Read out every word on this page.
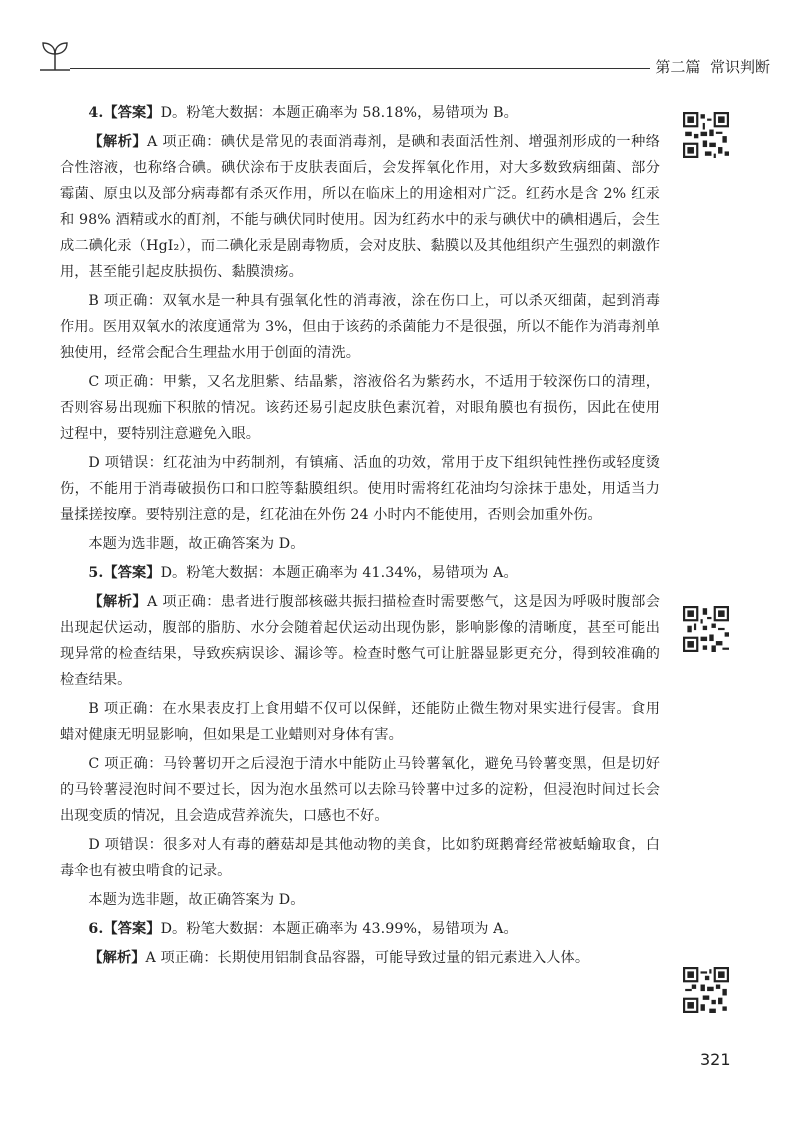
第二篇 常识判断

4.【答案】D。粉笔大数据：本题正确率为 58.18%，易错项为 B。

【解析】A 项正确：碘伏是常见的表面消毒剂，是碘和表面活性剂、增强剂形成的一种络合性溶液，也称络合碘。碘伏涂布于皮肤表面后，会发挥氧化作用，对大多数致病细菌、部分霉菌、原虫以及部分病毒都有杀灭作用，所以在临床上的用途相对广泛。红药水是含 2% 红汞和 98% 酒精或水的酊剂，不能与碘伏同时使用。因为红药水中的汞与碘伏中的碘相遇后，会生成二碘化汞（HgI₂），而二碘化汞是剧毒物质，会对皮肤、黏膜以及其他组织产生强烈的刺激作用，甚至能引起皮肤损伤、黏膜溃疡。

B 项正确：双氧水是一种具有强氧化性的消毒液，涂在伤口上，可以杀灭细菌，起到消毒作用。医用双氧水的浓度通常为 3%，但由于该药的杀菌能力不是很强，所以不能作为消毒剂单独使用，经常会配合生理盐水用于创面的清洗。

C 项正确：甲紫，又名龙胆紫、结晶紫，溶液俗名为紫药水，不适用于较深伤口的清理，否则容易出现痂下积脓的情况。该药还易引起皮肤色素沉着，对眼角膜也有损伤，因此在使用过程中，要特别注意避免入眼。

D 项错误：红花油为中药制剂，有镇痛、活血的功效，常用于皮下组织钝性挫伤或轻度烫伤，不能用于消毒破损伤口和口腔等黏膜组织。使用时需将红花油均匀涂抹于患处，用适当力量揉搓按摩。要特别注意的是，红花油在外伤 24 小时内不能使用，否则会加重外伤。

本题为选非题，故正确答案为 D。

5.【答案】D。粉笔大数据：本题正确率为 41.34%，易错项为 A。

【解析】A 项正确：患者进行腹部核磁共振扫描检查时需要憋气，这是因为呼吸时腹部会出现起伏运动，腹部的脂肪、水分会随着起伏运动出现伪影，影响影像的清晰度，甚至可能出现异常的检查结果，导致疾病误诊、漏诊等。检查时憋气可让脏器显影更充分，得到较准确的检查结果。

B 项正确：在水果表皮打上食用蜡不仅可以保鲜，还能防止微生物对果实进行侵害。食用蜡对健康无明显影响，但如果是工业蜡则对身体有害。

C 项正确：马铃薯切开之后浸泡于清水中能防止马铃薯氧化，避免马铃薯变黑，但是切好的马铃薯浸泡时间不要过长，因为泡水虽然可以去除马铃薯中过多的淀粉，但浸泡时间过长会出现变质的情况，且会造成营养流失，口感也不好。

D 项错误：很多对人有毒的蘑菇却是其他动物的美食，比如豹斑鹅膏经常被蛞蝓取食，白毒伞也有被虫啃食的记录。

本题为选非题，故正确答案为 D。

6.【答案】D。粉笔大数据：本题正确率为 43.99%，易错项为 A。

【解析】A 项正确：长期使用铝制食品容器，可能导致过量的铝元素进入人体。

321
